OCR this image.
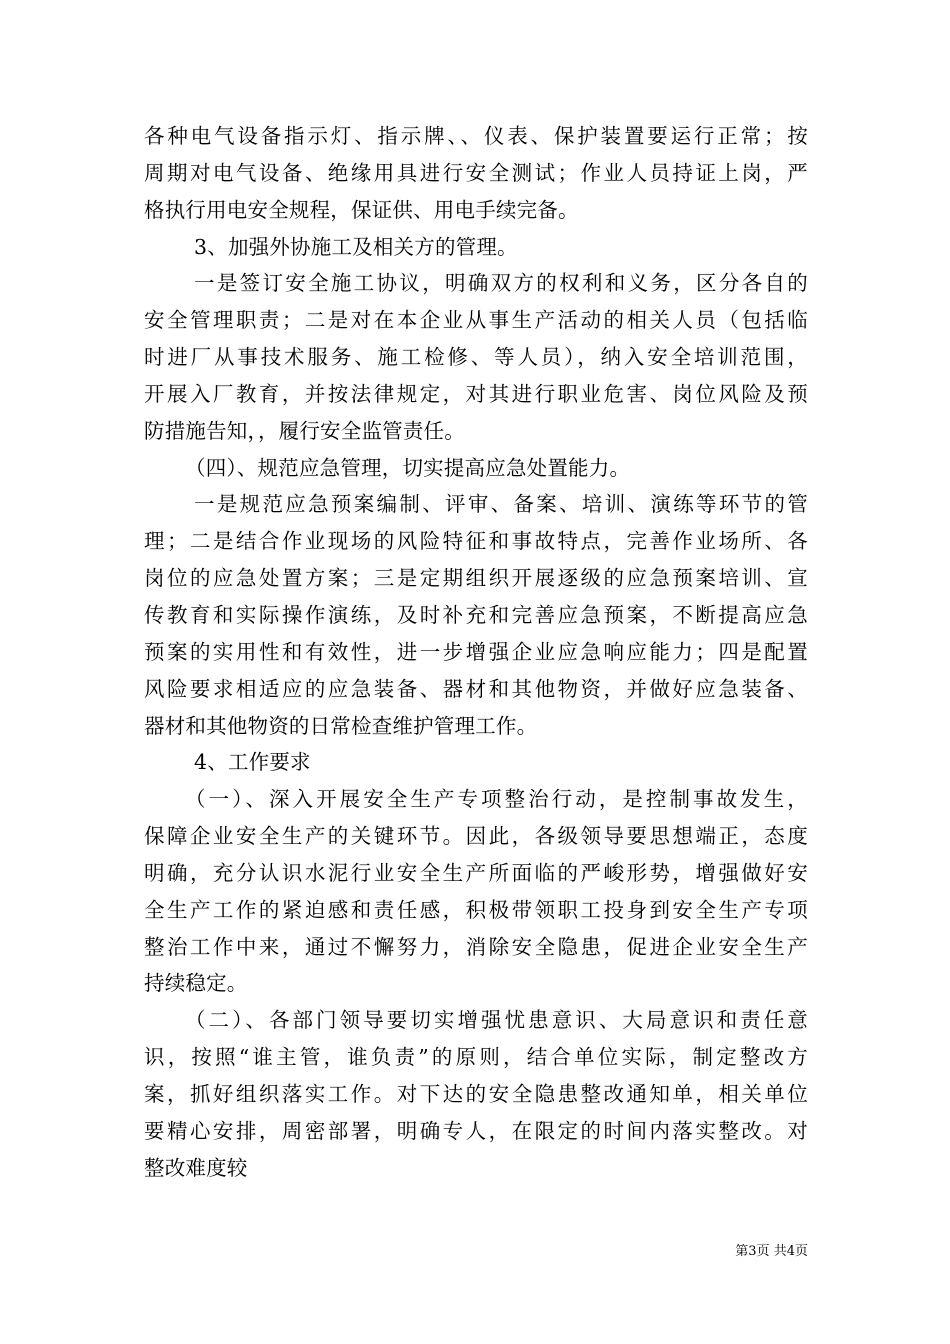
各种电气设备指示灯、指示牌、、仪表、保护装置要运行正常；按
周期对电气设备、绝缘用具进行安全测试；作业人员持证上岗，严
格执行用电安全规程，保证供、用电手续完备。
3、加强外协施工及相关方的管理。
一是签订安全施工协议，明确双方的权利和义务，区分各自的
安全管理职责；二是对在本企业从事生产活动的相关人员（包括临
时进厂从事技术服务、施工检修、等人员），纳入安全培训范围，
开展入厂教育，并按法律规定，对其进行职业危害、岗位风险及预
防措施告知，，履行安全监管责任。
（四）、规范应急管理，切实提高应急处置能力。
一是规范应急预案编制、评审、备案、培训、演练等环节的管
理；二是结合作业现场的风险特征和事故特点，完善作业场所、各
岗位的应急处置方案；三是定期组织开展逐级的应急预案培训、宣
传教育和实际操作演练，及时补充和完善应急预案，不断提高应急
预案的实用性和有效性，进一步增强企业应急响应能力；四是配置
风险要求相适应的应急装备、器材和其他物资，并做好应急装备、
器材和其他物资的日常检查维护管理工作。
4、工作要求
（一）、深入开展安全生产专项整治行动，是控制事故发生，
保障企业安全生产的关键环节。因此，各级领导要思想端正，态度
明确，充分认识水泥行业安全生产所面临的严峻形势，增强做好安
全生产工作的紧迫感和责任感，积极带领职工投身到安全生产专项
整治工作中来，通过不懈努力，消除安全隐患，促进企业安全生产
持续稳定。
（二）、各部门领导要切实增强忧患意识、大局意识和责任意
识，按照“谁主管，谁负责”的原则，结合单位实际，制定整改方
案，抓好组织落实工作。对下达的安全隐患整改通知单，相关单位
要精心安排，周密部署，明确专人，在限定的时间内落实整改。对
整改难度较
第3页 共4页
